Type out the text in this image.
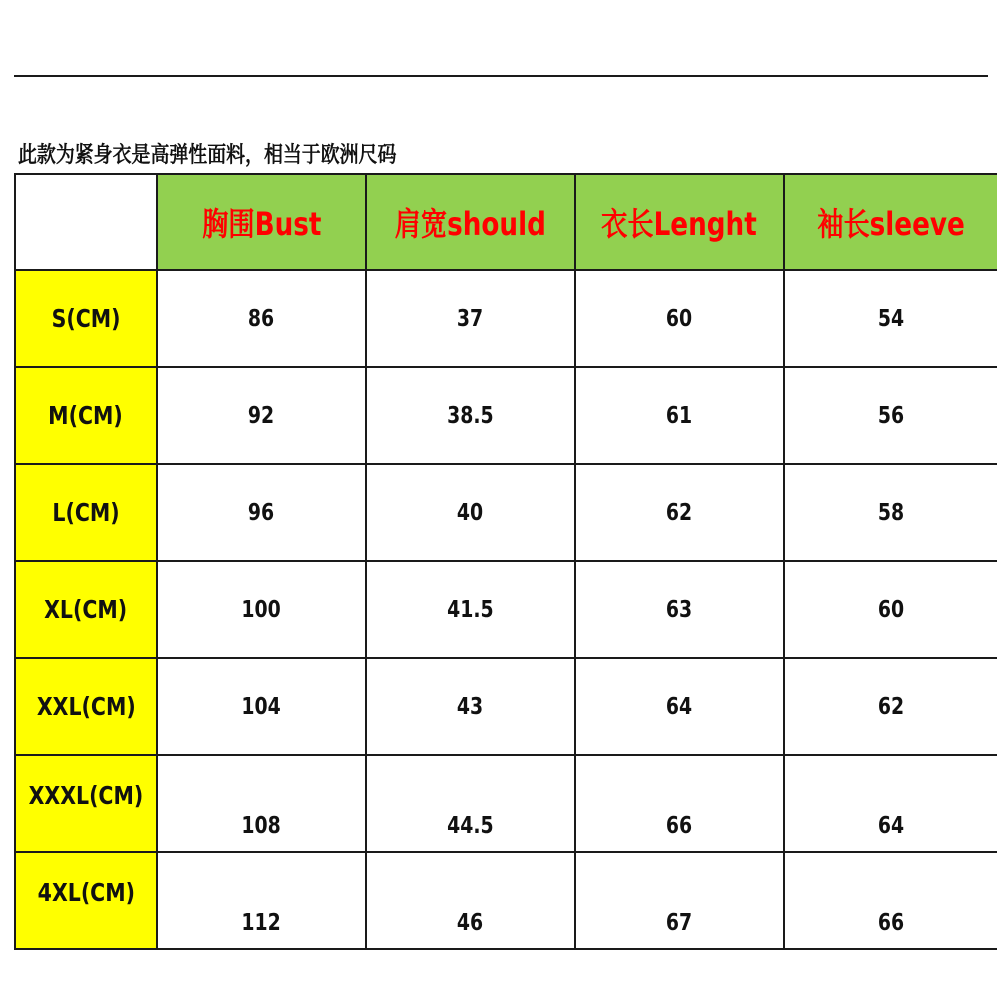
此款为紧身衣是高弹性面料，相当于欧洲尺码
	胸围Bust	肩宽should	衣长Lenght	袖长sleeve
S(CM)	86	37	60	54
M(CM)	92	38.5	61	56
L(CM)	96	40	62	58
XL(CM)	100	41.5	63	60
XXL(CM)	104	43	64	62
XXXL(CM)	108	44.5	66	64
4XL(CM)	112	46	67	66
